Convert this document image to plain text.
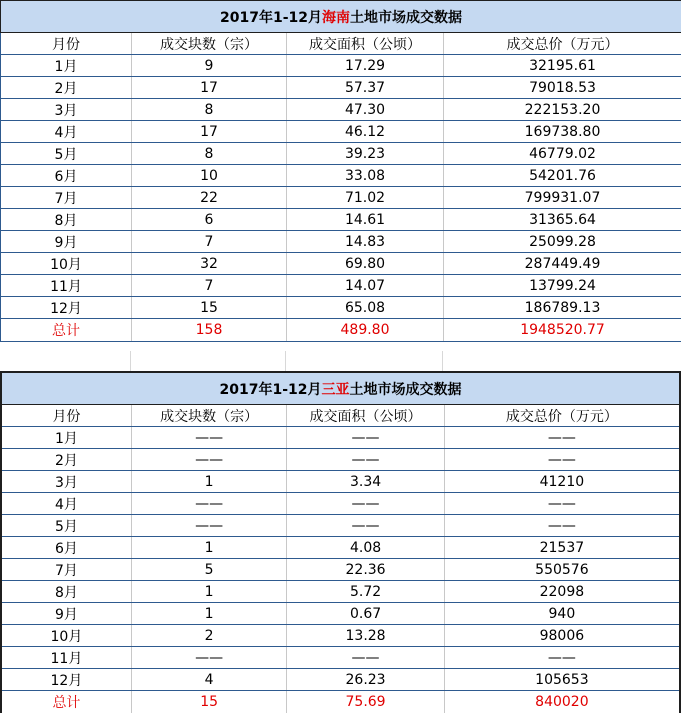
2017年1-12月海南土地市场成交数据			
月份	成交块数（宗）	成交面积（公顷）	成交总价（万元）
1月	9	17.29	32195.61
2月	17	57.37	79018.53
3月	8	47.30	222153.20
4月	17	46.12	169738.80
5月	8	39.23	46779.02
6月	10	33.08	54201.76
7月	22	71.02	799931.07
8月	6	14.61	31365.64
9月	7	14.83	25099.28
10月	32	69.80	287449.49
11月	7	14.07	13799.24
12月	15	65.08	186789.13
总计	158	489.80	1948520.77
2017年1-12月三亚土地市场成交数据			
月份	成交块数（宗）	成交面积（公顷）	成交总价（万元）
1月	——	——	——
2月	——	——	——
3月	1	3.34	41210
4月	——	——	——
5月	——	——	——
6月	1	4.08	21537
7月	5	22.36	550576
8月	1	5.72	22098
9月	1	0.67	940
10月	2	13.28	98006
11月	——	——	——
12月	4	26.23	105653
总计	15	75.69	840020
